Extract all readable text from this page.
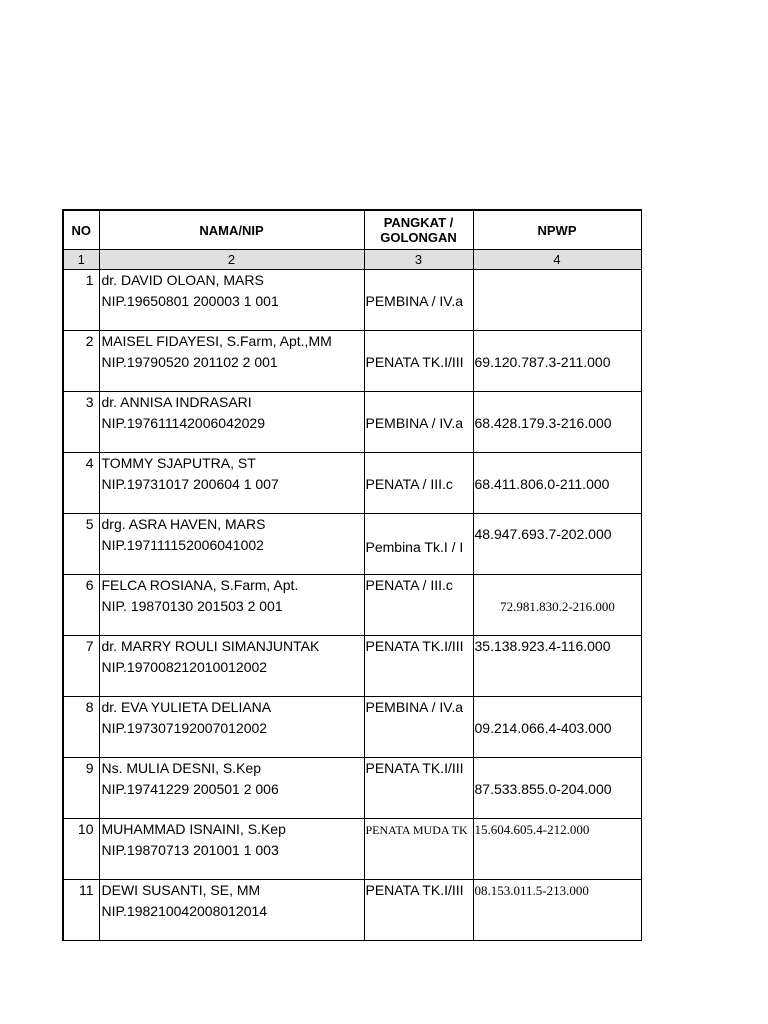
NO	NAMA/NIP	PANGKAT /
GOLONGAN	NPWP
1	2	3	4
1	dr. DAVID OLOAN, MARS
NIP.19650801 200003 1 001	PEMBINA / IV.a	
2	MAISEL FIDAYESI, S.Farm, Apt.,MM
NIP.19790520 201102 2 001	PENATA TK.I/III	69.120.787.3-211.000
3	dr. ANNISA INDRASARI
NIP.197611142006042029	PEMBINA / IV.a	68.428.179.3-216.000
4	TOMMY SJAPUTRA, ST
NIP.19731017 200604 1 007	PENATA / III.c	68.411.806.0-211.000
5	drg. ASRA HAVEN, MARS
NIP.197111152006041002	Pembina Tk.I / I	48.947.693.7-202.000
6	FELCA ROSIANA, S.Farm, Apt.
NIP. 19870130 201503 2 001	PENATA / III.c	72.981.830.2-216.000
7	dr. MARRY ROULI SIMANJUNTAK
NIP.197008212010012002	PENATA TK.I/III	35.138.923.4-116.000
8	dr. EVA YULIETA DELIANA
NIP.197307192007012002	PEMBINA / IV.a	09.214.066.4-403.000
9	Ns. MULIA DESNI, S.Kep
NIP.19741229 200501 2 006	PENATA TK.I/III	87.533.855.0-204.000
10	MUHAMMAD ISNAINI, S.Kep
NIP.19870713 201001 1 003	PENATA MUDA TK	15.604.605.4-212.000
11	DEWI SUSANTI, SE, MM
NIP.198210042008012014	PENATA TK.I/III	08.153.011.5-213.000
